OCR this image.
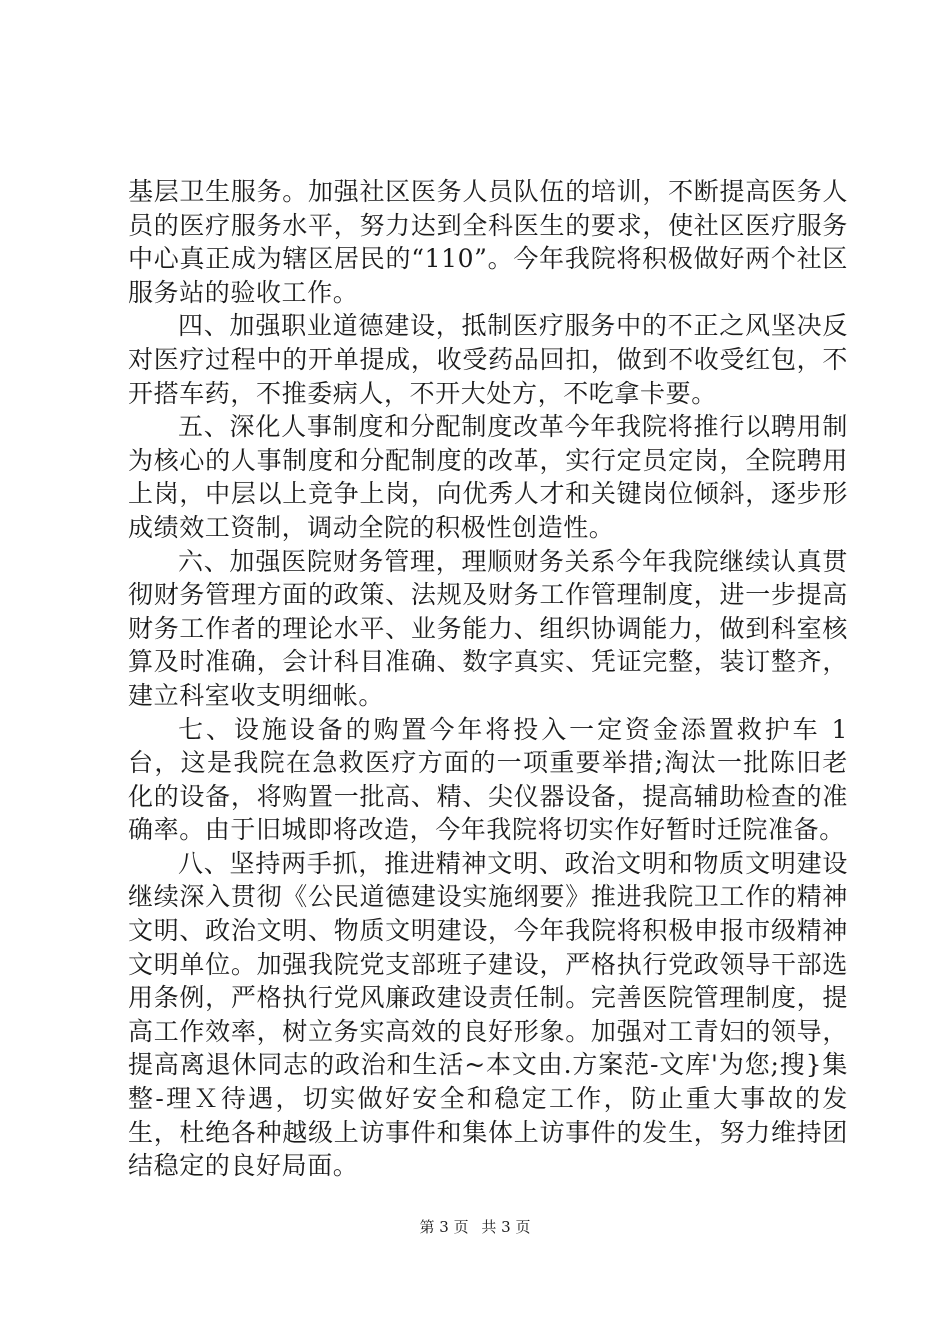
基层卫生服务。加强社区医务人员队伍的培训，不断提高医务人员的医疗服务水平，努力达到全科医生的要求，使社区医疗服务中心真正成为辖区居民的“110”。今年我院将积极做好两个社区服务站的验收工作。

四、加强职业道德建设，抵制医疗服务中的不正之风坚决反对医疗过程中的开单提成，收受药品回扣，做到不收受红包，不开搭车药，不推委病人，不开大处方，不吃拿卡要。

五、深化人事制度和分配制度改革今年我院将推行以聘用制为核心的人事制度和分配制度的改革，实行定员定岗，全院聘用上岗，中层以上竞争上岗，向优秀人才和关键岗位倾斜，逐步形成绩效工资制，调动全院的积极性创造性。

六、加强医院财务管理，理顺财务关系今年我院继续认真贯彻财务管理方面的政策、法规及财务工作管理制度，进一步提高财务工作者的理论水平、业务能力、组织协调能力，做到科室核算及时准确，会计科目准确、数字真实、凭证完整，装订整齐，建立科室收支明细帐。

七、设施设备的购置今年将投入一定资金添置救护车 1 台，这是我院在急救医疗方面的一项重要举措;淘汰一批陈旧老化的设备，将购置一批高、精、尖仪器设备，提高辅助检查的准确率。由于旧城即将改造，今年我院将切实作好暂时迁院准备。

八、坚持两手抓，推进精神文明、政治文明和物质文明建设继续深入贯彻《公民道德建设实施纲要》推进我院卫工作的精神文明、政治文明、物质文明建设，今年我院将积极申报市级精神文明单位。加强我院党支部班子建设，严格执行党政领导干部选用条例，严格执行党风廉政建设责任制。完善医院管理制度，提高工作效率，树立务实高效的良好形象。加强对工青妇的领导，提高离退休同志的政治和生活~本文由.方案范-文库'为您;搜}集整-理Ｘ待遇，切实做好安全和稳定工作，防止重大事故的发生，杜绝各种越级上访事件和集体上访事件的发生，努力维持团结稳定的良好局面。

第 3 页 共 3 页
